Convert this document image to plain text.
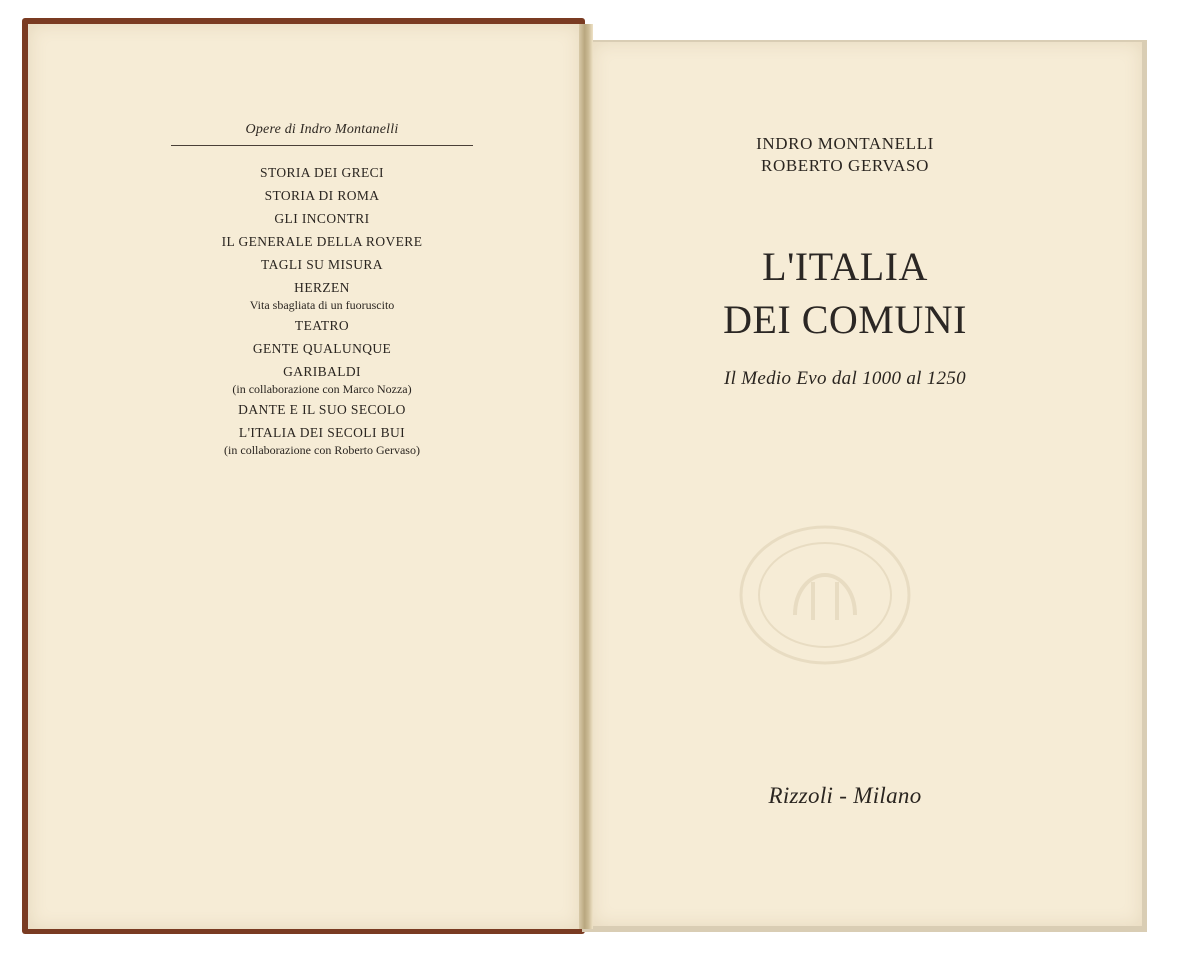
Opere di Indro Montanelli
STORIA DEI GRECI
STORIA DI ROMA
GLI INCONTRI
IL GENERALE DELLA ROVERE
TAGLI SU MISURA
HERZEN
Vita sbagliata di un fuoruscito
TEATRO
GENTE QUALUNQUE
GARIBALDI
(in collaborazione con Marco Nozza)
DANTE E IL SUO SECOLO
L'ITALIA DEI SECOLI BUI
(in collaborazione con Roberto Gervaso)
INDRO MONTANELLI
ROBERTO GERVASO
L'ITALIA
DEI COMUNI
Il Medio Evo dal 1000 al 1250
Rizzoli - Milano
